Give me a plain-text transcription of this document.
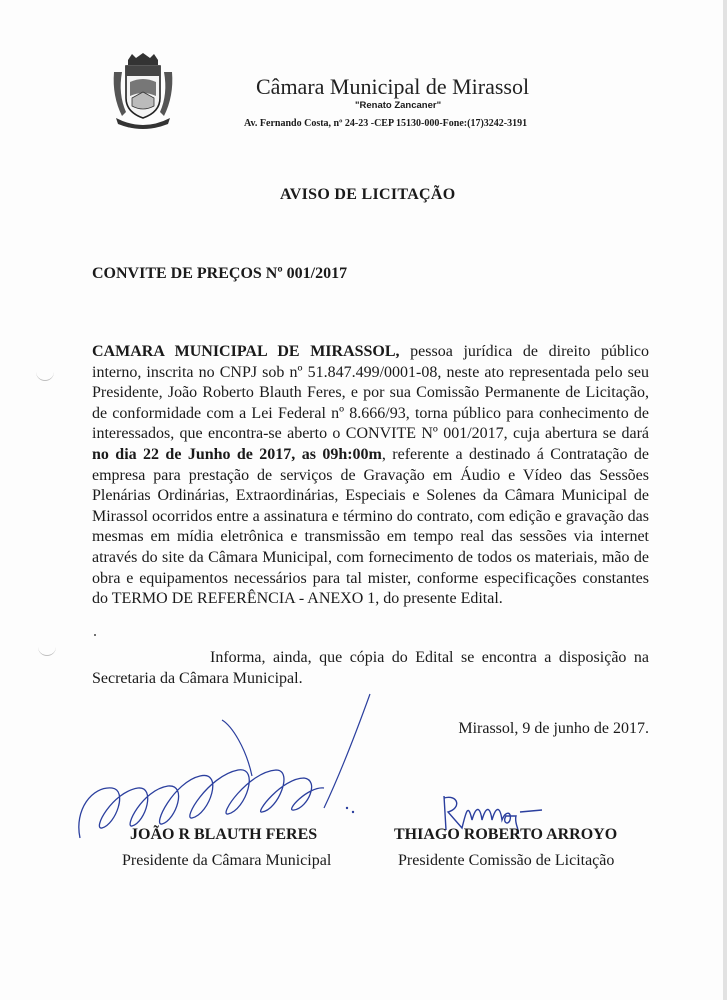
Câmara Municipal de Mirassol
"Renato Zancaner"
Av. Fernando Costa, nº 24-23 -CEP 15130-000-Fone:(17)3242-3191
AVISO DE LICITAÇÃO
CONVITE DE PREÇOS Nº 001/2017
CAMARA MUNICIPAL DE MIRASSOL, pessoa jurídica de direito público interno, inscrita no CNPJ sob nº 51.847.499/0001-08, neste ato representada pelo seu Presidente, João Roberto Blauth Feres, e por sua Comissão Permanente de Licitação, de conformidade com a Lei Federal nº 8.666/93, torna público para conhecimento de interessados, que encontra-se aberto o CONVITE Nº 001/2017, cuja abertura se dará no dia 22 de Junho de 2017, as 09h:00m, referente a destinado á Contratação de empresa para prestação de serviços de Gravação em Áudio e Vídeo das Sessões Plenárias Ordinárias, Extraordinárias, Especiais e Solenes da Câmara Municipal de Mirassol ocorridos entre a assinatura e término do contrato, com edição e gravação das mesmas em mídia eletrônica e transmissão em tempo real das sessões via internet através do site da Câmara Municipal, com fornecimento de todos os materiais, mão de obra e equipamentos necessários para tal mister, conforme especificações constantes do TERMO DE REFERÊNCIA - ANEXO 1, do presente Edital.
Informa, ainda, que cópia do Edital se encontra a disposição na Secretaria da Câmara Municipal.
Mirassol, 9 de junho de 2017.
JOÃO R BLAUTH FERES
Presidente da Câmara Municipal
THIAGO ROBERTO ARROYO
Presidente Comissão de Licitação
